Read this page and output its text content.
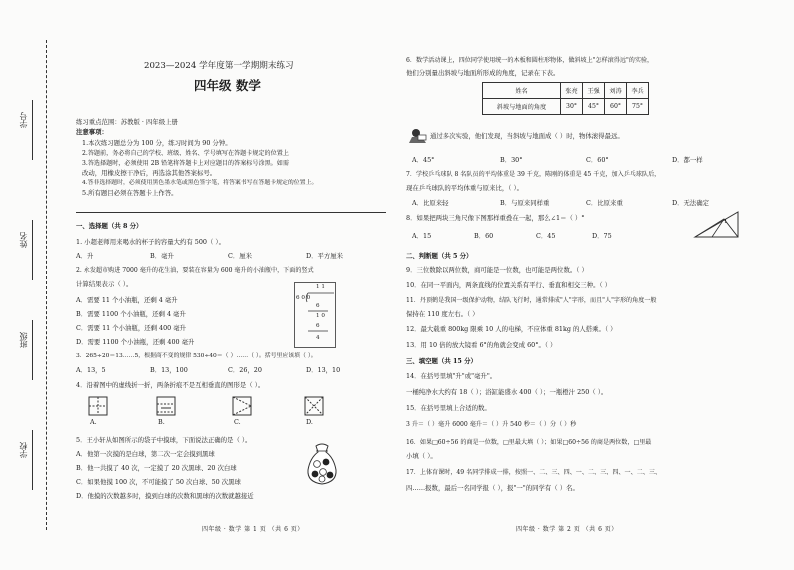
学号
姓名
班级
学校
2023—2024 学年度第一学期期末练习
四年级 数学
练习重点范围：苏教版 · 四年级上册
注意事项：
1.本次练习题总分为 100 分，练习时间为 90 分钟。
2.答题前，务必将自己的学校、班级、姓名、学号填写在答题卡规定的位置上
3.答选择题时，必须使用 2B 铅笔将答题卡上对应题目的答案标号涂黑。如需
改动，用橡皮擦干净后，再选涂其他答案标号。
4.答非选择题时，必须使用黑色墨水笔或黑色签字笔，将答案书写在答题卡规定的位置上。
5.所有题目必须在答题卡上作答。
一、选择题（共 8 分）
1. 小超老师用来喝水的杯子的容量大约有 500（ ）。
A．升	B．毫升	C．厘米	D．平方厘米
2. 永发超市购进 7000 毫升的花生油，要装在容量为 600 毫升的小油瓶中，下面的竖式
计算结果表示（ ）。
A．需要 11 个小油瓶，还剩 4 毫升
B．需要 1100 个小油瓶，还剩 4 毫升
C．需要 11 个小油瓶，还剩 400 毫升
D．需要 1100 个小油瓶，还剩 400 毫升
1 1
6 0 0
6
1 0
6
4
3．265÷20＝13……5，根据商不变的规律 530÷40＝（ ）……（ ）。括号里应该填（ ）。
A．13，5	B．13，100	C．26，20	D．13，10
4．沿着图中的虚线折一折，两条折痕不是互相垂直的图形是（ ）。
A.	B.	C.	D.
5．王小轩从如图所示的袋子中摸球，下面说法正确的是（ ）。
A．他第一次摸的是白球，第二次一定会摸到黑球
B．他一共摸了 40 次，一定摸了 20 次黑球、20 次白球
C．如果他摸 100 次，不可能摸了 50 次白球、50 次黑球
D．他摸的次数越多时，摸到白球的次数和黑球的次数就越接近
四年级 · 数学 第 1 页 （共 6 页）
6．数学活动课上，四位同学使用统一的木板和圆柱形物体，做斜坡上"怎样滚得远"的实验，
他们分别量出斜坡与地面所形成的角度，记录在下表。
姓名	张亮	王强	刘涛	李兵
斜坡与地面的角度	30°	45°	60°	75°
通过多次实验，他们发现，当斜坡与地面成（ ）时，物体滚得最远。
A．45°	B．30°	C．60°	D．都一样
7．学校乒乓球队 8 名队员的平均体重是 39 千克，陈刚的体重是 45 千克，加入乒乓球队后，
现在乒乓球队的平均体重与原来比，（ ）。
A．比原来轻	B．与原来同样重	C．比原来重	D．无法确定
8．如果把两块三角尺像下图那样重叠在一起，那么∠1＝（ ）°	1
A．15	B．60	C．45	D．75
二、判断题（共 5 分）
9．三位数除以两位数，商可能是一位数，也可能是两位数。（ ）
10．在同一平面内，两条直线的位置关系有平行、垂直和相交三种。（ ）
11．丹顶鹤是我国一级保护动物，结队飞行时，通常排成"人"字形，而且"人"字形的角度一般
保持在 110 度左右。（ ）
12．最大载重 800kg 限乘 10 人的电梯，不应体重 81kg 的人搭乘。（ ）
13．用 10 倍的放大镜看 6°的角就会变成 60°。（ ）
三、填空题（共 15 分）
14．在括号里填"升"或"毫升"。
一桶纯净水大约有 18（ ）；浴缸能盛水 400（ ）；一瓶橙汁 250（ ）。
15．在括号里填上合适的数。
3 升＝（ ）毫升 6000 毫升＝（ ）升 540 秒＝（ ）分（ ）秒
16．如果□60÷56 的商是一位数，□里最大填（ ）；如果□60÷56 的商是两位数，□里最
小填（ ）。
17．上体育课时，49 名同学排成一排，按照一、二、三、四、一、二、三、四、一、二、三、
四……报数，最后一名同学报（ ），报"一"的同学有（ ）名。
四年级 · 数学 第 2 页 （共 6 页）
